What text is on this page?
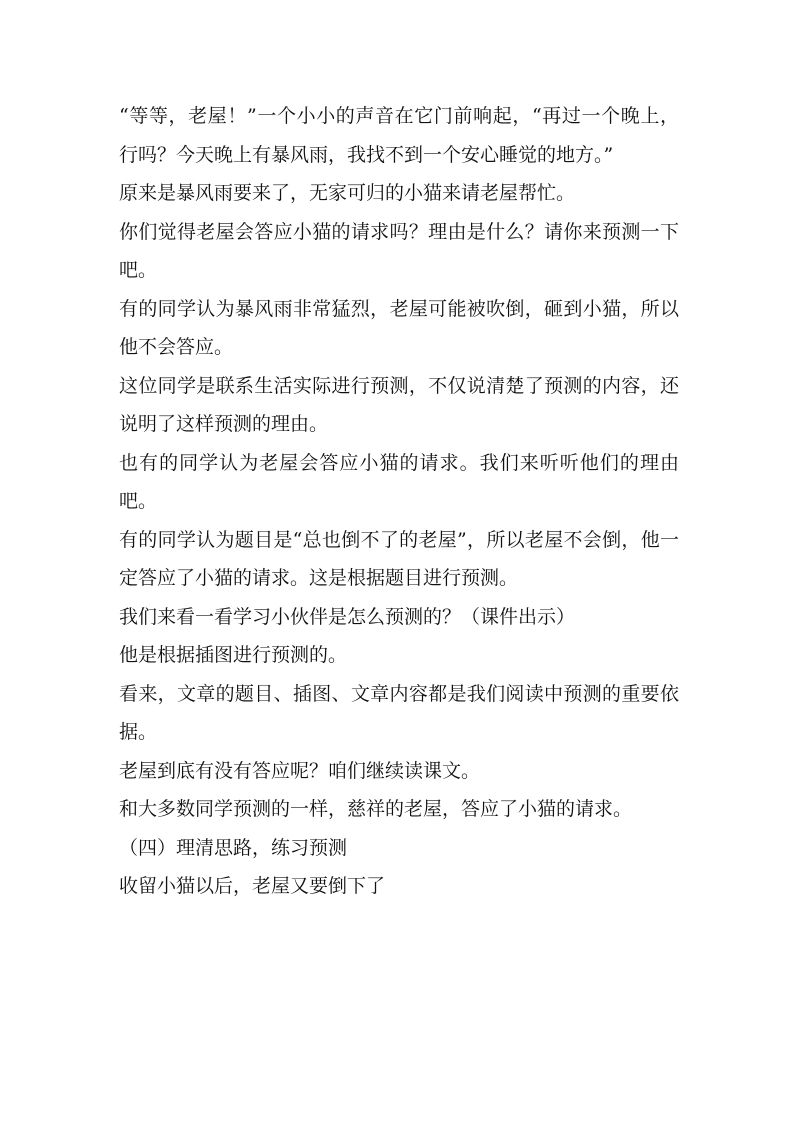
“等等，老屋！”一个小小的声音在它门前响起，“再过一个晚上，行吗？今天晚上有暴风雨，我找不到一个安心睡觉的地方。”

原来是暴风雨要来了，无家可归的小猫来请老屋帮忙。

你们觉得老屋会答应小猫的请求吗？理由是什么？请你来预测一下吧。

有的同学认为暴风雨非常猛烈，老屋可能被吹倒，砸到小猫，所以他不会答应。

这位同学是联系生活实际进行预测，不仅说清楚了预测的内容，还说明了这样预测的理由。

也有的同学认为老屋会答应小猫的请求。我们来听听他们的理由吧。

有的同学认为题目是“总也倒不了的老屋”，所以老屋不会倒，他一定答应了小猫的请求。这是根据题目进行预测。

我们来看一看学习小伙伴是怎么预测的？（课件出示）

他是根据插图进行预测的。

看来，文章的题目、插图、文章内容都是我们阅读中预测的重要依据。

老屋到底有没有答应呢？咱们继续读课文。

和大多数同学预测的一样，慈祥的老屋，答应了小猫的请求。

（四）理清思路，练习预测

收留小猫以后，老屋又要倒下了
